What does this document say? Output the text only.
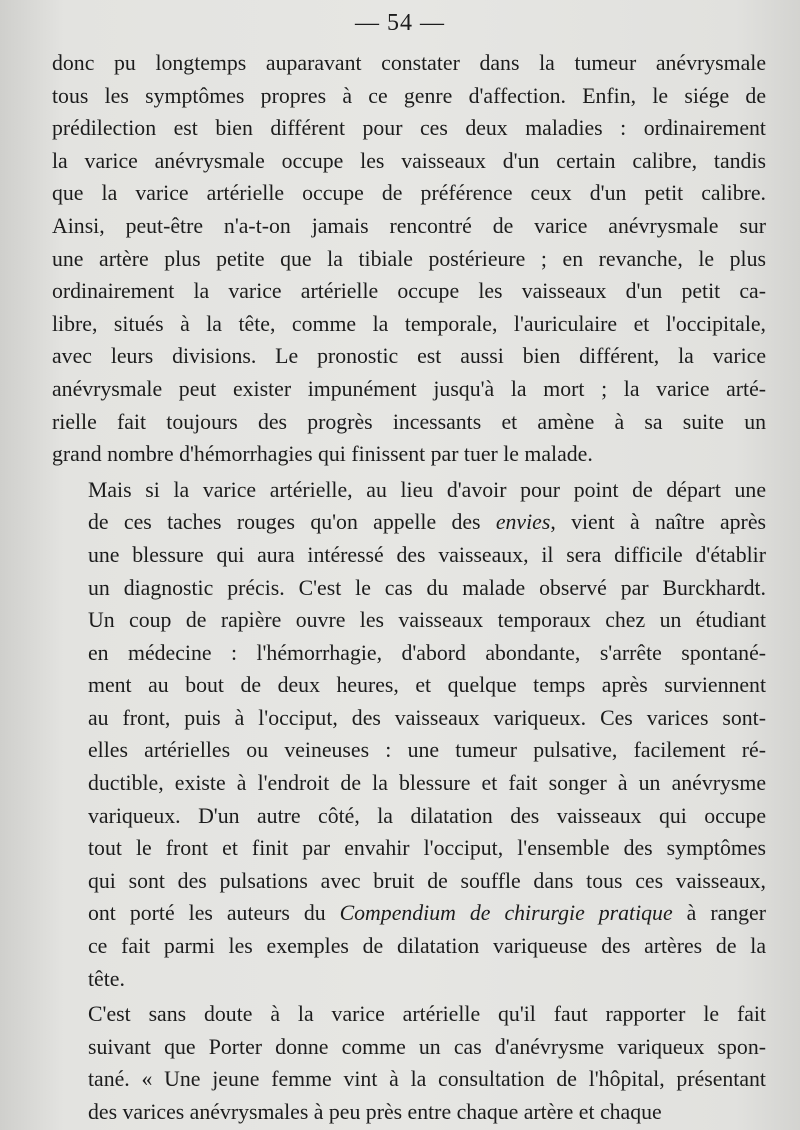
— 54 —

donc pu longtemps auparavant constater dans la tumeur anévrysmale
tous les symptômes propres à ce genre d'affection. Enfin, le siége de
prédilection est bien différent pour ces deux maladies : ordinairement
la varice anévrysmale occupe les vaisseaux d'un certain calibre, tandis
que la varice artérielle occupe de préférence ceux d'un petit calibre.
Ainsi, peut-être n'a-t-on jamais rencontré de varice anévrysmale sur
une artère plus petite que la tibiale postérieure ; en revanche, le plus
ordinairement la varice artérielle occupe les vaisseaux d'un petit ca-
libre, situés à la tête, comme la temporale, l'auriculaire et l'occipitale,
avec leurs divisions. Le pronostic est aussi bien différent, la varice
anévrysmale peut exister impunément jusqu'à la mort ; la varice arté-
rielle fait toujours des progrès incessants et amène à sa suite un
grand nombre d'hémorrhagies qui finissent par tuer le malade.

Mais si la varice artérielle, au lieu d'avoir pour point de départ une
de ces taches rouges qu'on appelle des envies, vient à naître après
une blessure qui aura intéressé des vaisseaux, il sera difficile d'établir
un diagnostic précis. C'est le cas du malade observé par Burckhardt.
Un coup de rapière ouvre les vaisseaux temporaux chez un étudiant
en médecine : l'hémorrhagie, d'abord abondante, s'arrête spontané-
ment au bout de deux heures, et quelque temps après surviennent
au front, puis à l'occiput, des vaisseaux variqueux. Ces varices sont-
elles artérielles ou veineuses : une tumeur pulsative, facilement ré-
ductible, existe à l'endroit de la blessure et fait songer à un anévrysme
variqueux. D'un autre côté, la dilatation des vaisseaux qui occupe
tout le front et finit par envahir l'occiput, l'ensemble des symptômes
qui sont des pulsations avec bruit de souffle dans tous ces vaisseaux,
ont porté les auteurs du Compendium de chirurgie pratique à ranger
ce fait parmi les exemples de dilatation variqueuse des artères de la
tête.

C'est sans doute à la varice artérielle qu'il faut rapporter le fait
suivant que Porter donne comme un cas d'anévrysme variqueux spon-
tané. « Une jeune femme vint à la consultation de l'hôpital, présentant
des varices anévrysmales à peu près entre chaque artère et chaque
